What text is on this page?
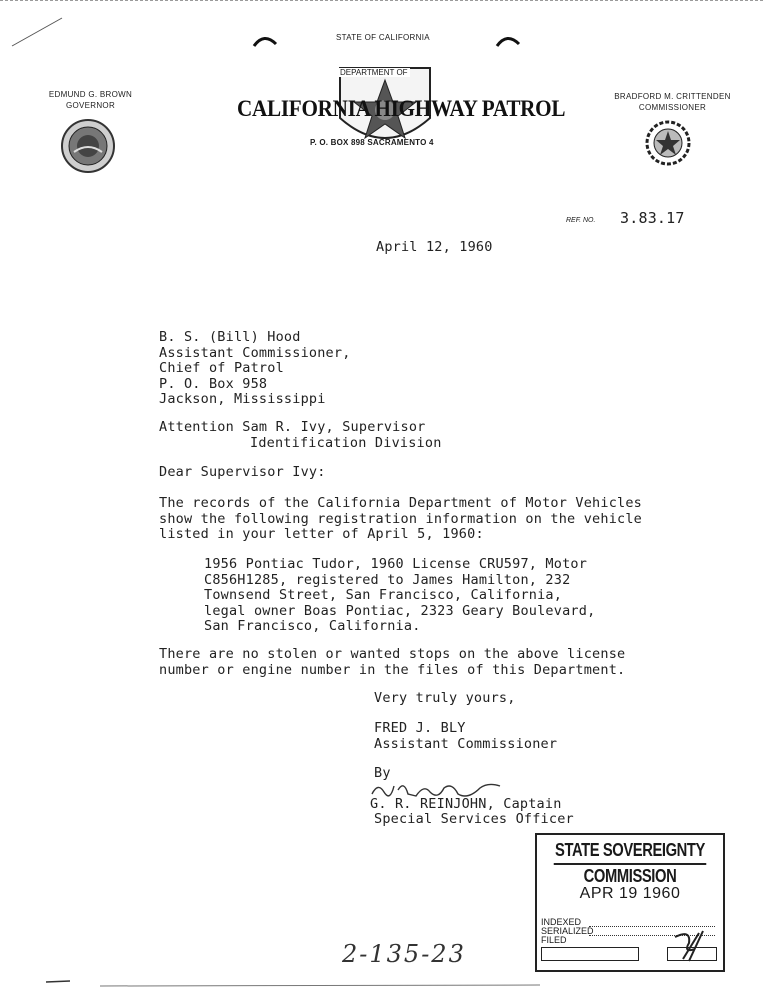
EDMUND G. BROWN
GOVERNOR
STATE OF CALIFORNIA
DEPARTMENT OF
CALIFORNIA HIGHWAY PATROL
P. O. BOX 898 SACRAMENTO 4
BRADFORD M. CRITTENDEN
COMMISSIONER
REF. NO. 3.83.17
April 12, 1960
B. S. (Bill) Hood
Assistant Commissioner,
Chief of Patrol
P. O. Box 958
Jackson, Mississippi
Attention Sam R. Ivy, Supervisor
Identification Division
Dear Supervisor Ivy:
The records of the California Department of Motor Vehicles
show the following registration information on the vehicle
listed in your letter of April 5, 1960:
1956 Pontiac Tudor, 1960 License CRU597, Motor
C856H1285, registered to James Hamilton, 232
Townsend Street, San Francisco, California,
legal owner Boas Pontiac, 2323 Geary Boulevard,
San Francisco, California.
There are no stolen or wanted stops on the above license
number or engine number in the files of this Department.
Very truly yours,
FRED J. BLY
Assistant Commissioner
By
G. R. REINJOHN, Captain
Special Services Officer
STATE SOVEREIGNTY COMMISSION
APR 19 1960
INDEXED
SERIALIZED
FILED
2-135-23
